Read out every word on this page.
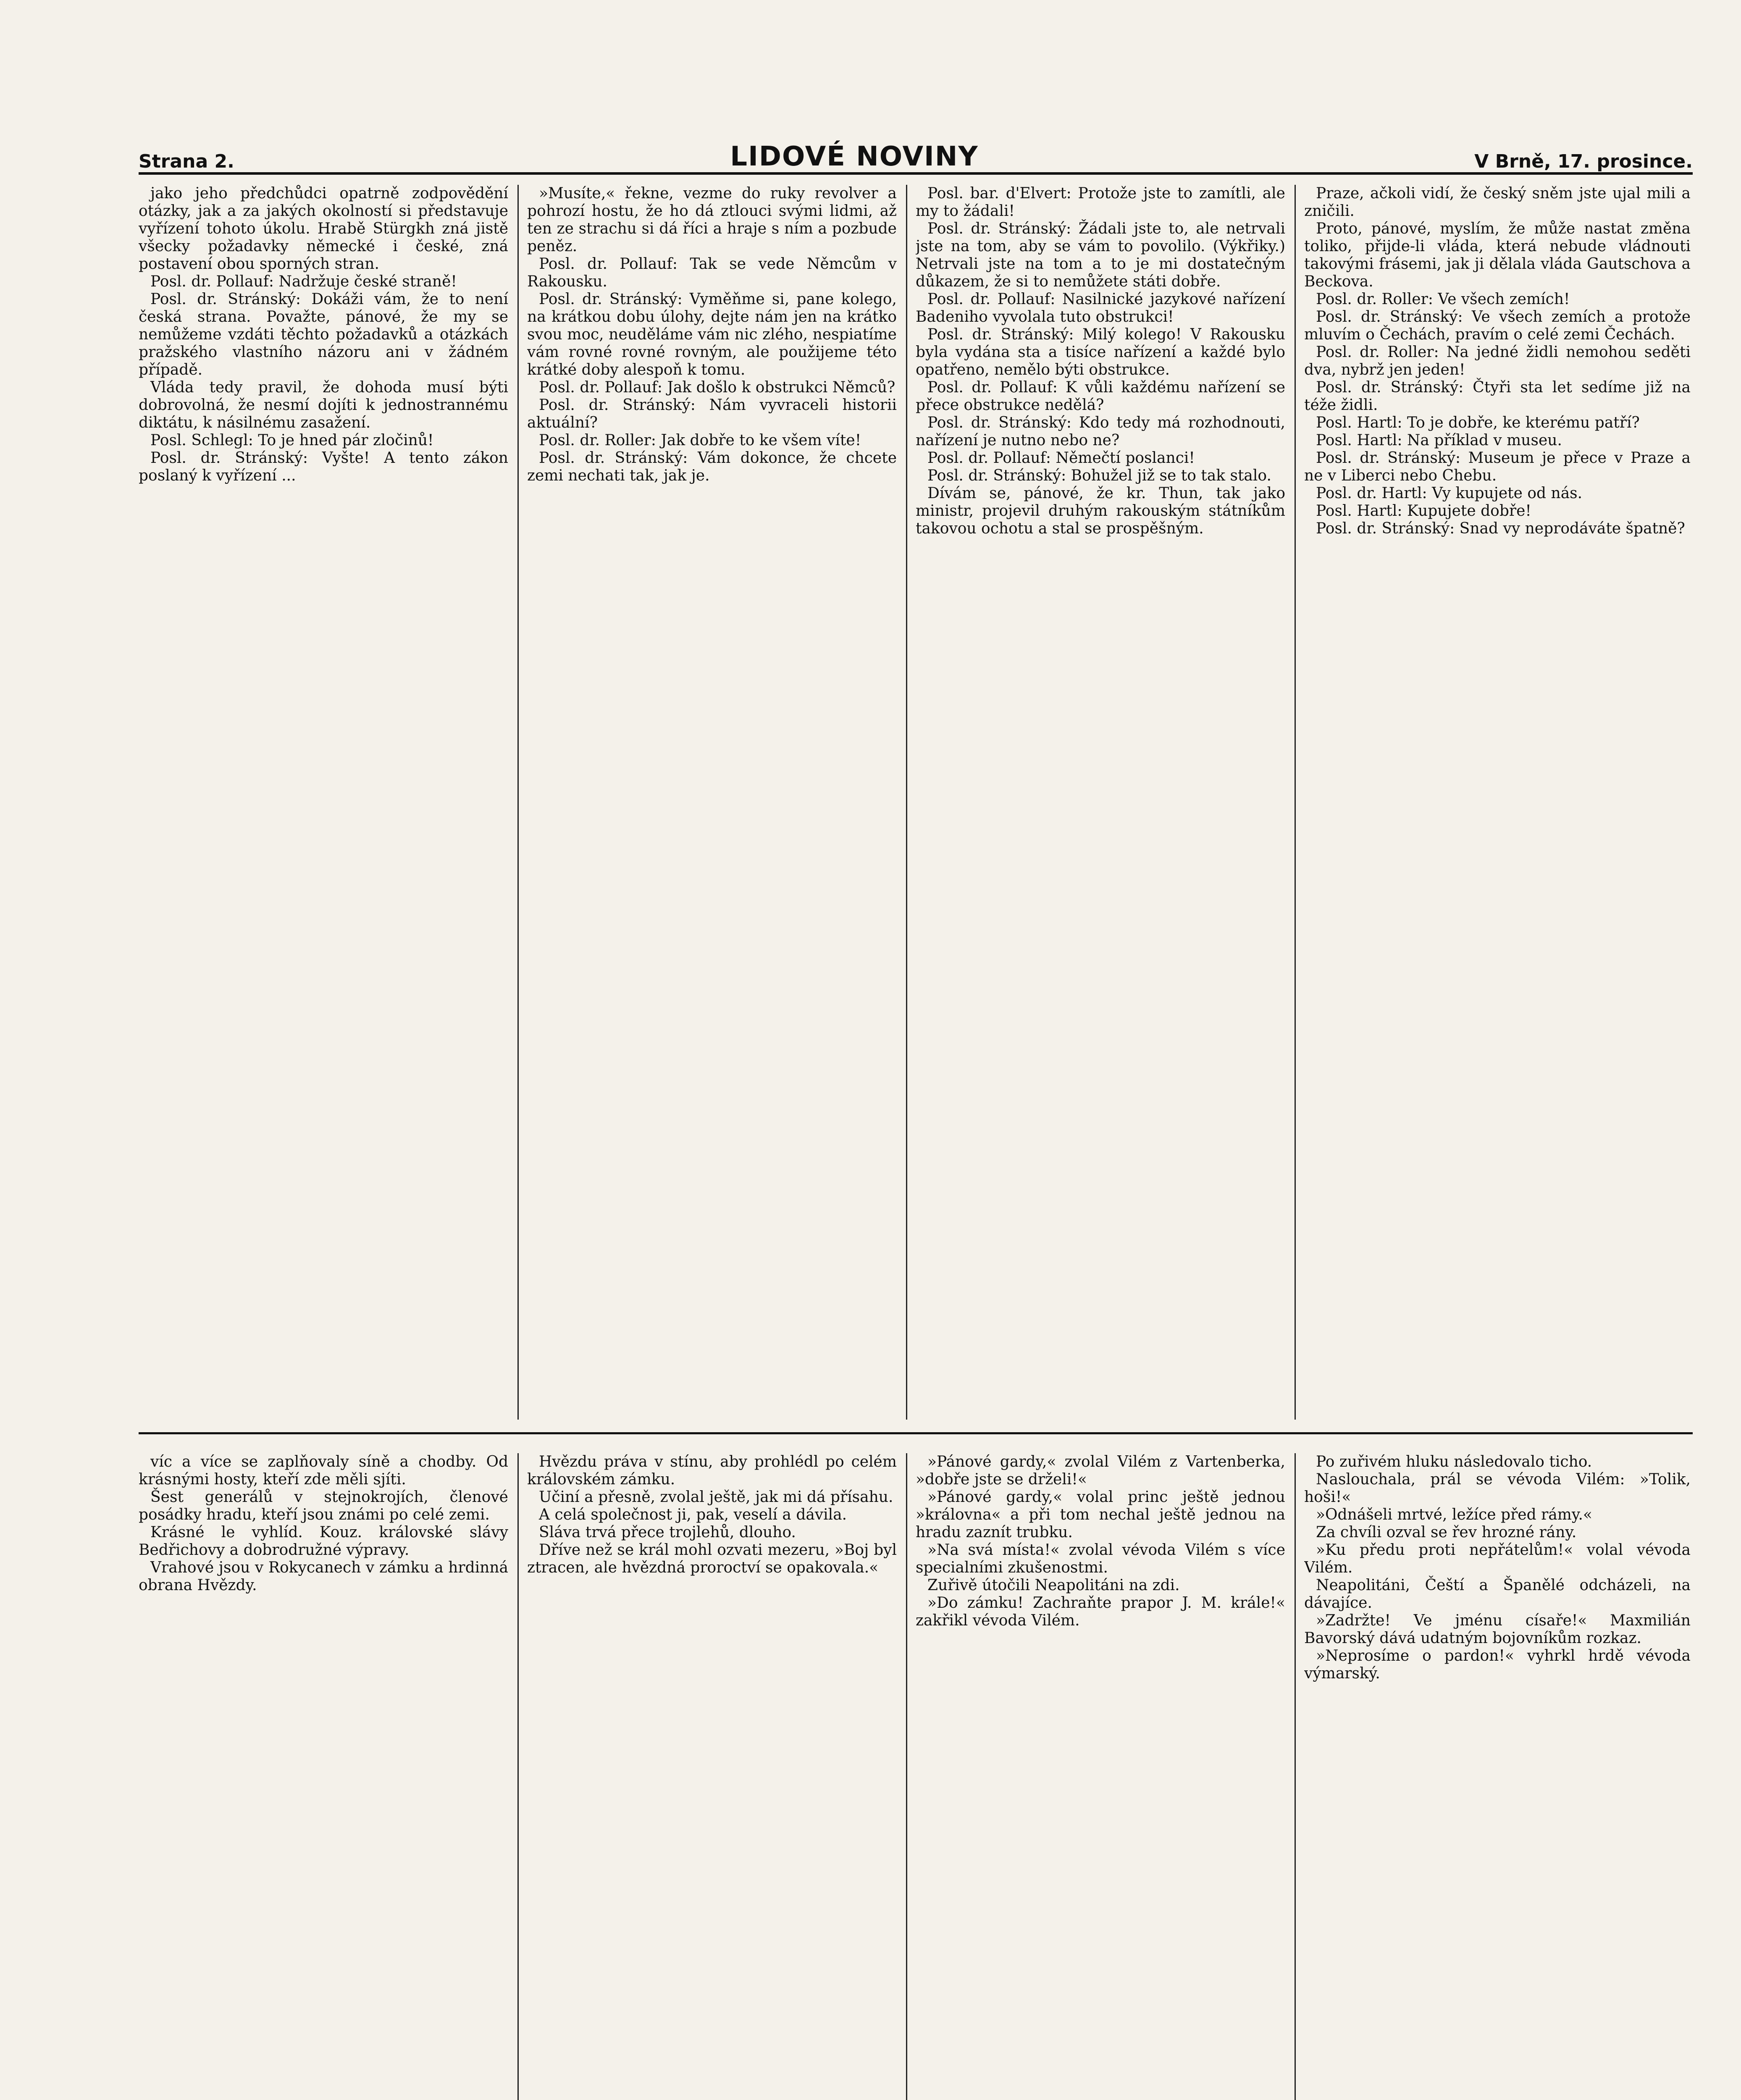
Strana 2.	LIDOVÉ NOVINY	V Brně, 17. prosince.

jako jeho předchůdci opatrně zodpovědění otázky, jak a za jakých okolností si představuje vyřízení tohoto úkolu. Hrabě Stürgkh zná jistě všecky požadavky německé i české, zná postavení obou sporných stran.

Posl. dr. Pollauf: Nadržuje české straně!

Posl. dr. Stránský: Dokáži vám, že to není česká strana. Považte, pánové, že my se nemůžeme vzdáti těchto požadavků a otázkách pražského vlastního názoru ani v žádném případě.

Vláda tedy pravil, že dohoda musí býti dobrovolná, že nesmí dojíti k jednostrannému diktátu, k násilnému zasažení.

Posl. Schlegl: To je hned pár zločinů!

Posl. dr. Stránský: Vyšte! A tento zákon poslaný k vyřízení ...

»Musíte,« řekne, vezme do ruky revolver a pohrozí hostu, že ho dá ztlouci svými lidmi, až ten ze strachu si dá říci a hraje s ním a pozbude peněz.

Posl. dr. Pollauf: Tak se vede Němcům v Rakousku.

Posl. dr. Stránský: Vyměňme si, pane kolego, na krátkou dobu úlohy, dejte nám jen na krátko svou moc, neuděláme vám nic zlého, nespiatíme vám rovné rovné rovným, ale použijeme této krátké doby alespoň k tomu.

Posl. dr. Pollauf: Jak došlo k obstrukci Němců?

Posl. dr. Stránský: Nám vyvraceli historii aktuální?

Posl. dr. Roller: Jak dobře to ke všem víte!

Posl. dr. Stránský: Vám dokonce, že chcete zemi nechati tak, jak je.

Posl. bar. d'Elvert: Protože jste to zamítli, ale my to žádali!

Posl. dr. Stránský: Žádali jste to, ale netrvali jste na tom, aby se vám to povolilo. (Výkřiky.) Netrvali jste na tom a to je mi dostatečným důkazem, že si to nemůžete státi dobře.

Posl. dr. Pollauf: Nasilnické jazykové nařízení Badeniho vyvolala tuto obstrukci!

Posl. dr. Stránský: Milý kolego! V Rakousku byla vydána sta a tisíce nařízení a každé bylo opatřeno, nemělo býti obstrukce.

Posl. dr. Pollauf: K vůli každému nařízení se přece obstrukce nedělá?

Posl. dr. Stránský: Kdo tedy má rozhodnouti, nařízení je nutno nebo ne?

Posl. dr. Pollauf: Němečtí poslanci!

Posl. dr. Stránský: Bohužel již se to tak stalo.

Dívám se, pánové, že kr. Thun, tak jako ministr, projevil druhým rakouským státníkům takovou ochotu a stal se prospěšným.

Praze, ačkoli vidí, že český sněm jste ujal mili a zničili.

Proto, pánové, myslím, že může nastat změna toliko, přijde-li vláda, která nebude vládnouti takovými frásemi, jak ji dělala vláda Gautschova a Beckova.

Posl. dr. Roller: Ve všech zemích!

Posl. dr. Stránský: Ve všech zemích a protože mluvím o Čechách, pravím o celé zemi Čechách.

Posl. dr. Roller: Na jedné židli nemohou seděti dva, nybrž jen jeden!

Posl. dr. Stránský: Čtyři sta let sedíme již na téže židli.

Posl. Hartl: To je dobře, ke kterému patří?

Posl. Hartl: Na příklad v museu.

Posl. dr. Stránský: Museum je přece v Praze a ne v Liberci nebo Chebu.

Posl. dr. Hartl: Vy kupujete od nás.

Posl. Hartl: Kupujete dobře!

Posl. dr. Stránský: Snad vy neprodáváte špatně?

víc a více se zaplňovaly síně a chodby. Od krásnými hosty, kteří zde měli sjíti.

Šest generálů v stejnokrojích, členové posádky hradu, kteří jsou známi po celé zemi.

Krásné le vyhlíd. Kouz. královské slávy Bedřichovy a dobrodružné výpravy.

Vrahové jsou v Rokycanech v zámku a hrdinná obrana Hvězdy.

Hvězdu práva v stínu, aby prohlédl po celém královském zámku.

Učiní a přesně, zvolal ještě, jak mi dá přísahu.

A celá společnost ji, pak, veselí a dávila.

Sláva trvá přece trojlehů, dlouho.

Dříve než se král mohl ozvati mezeru, »Boj byl ztracen, ale hvězdná proroctví se opakovala.«

»Pánové gardy,« zvolal Vilém z Vartenberka, »dobře jste se drželi!«

»Pánové gardy,« volal princ ještě jednou »královna« a při tom nechal ještě jednou na hradu zaznít trubku.

»Na svá místa!« zvolal vévoda Vilém s více specialními zkušenostmi.

Zuřivě útočili Neapolitáni na zdi.

»Do zámku! Zachraňte prapor J. M. krále!« zakřikl vévoda Vilém.

Po zuřivém hluku následovalo ticho.

Naslouchala, prál se vévoda Vilém: »Tolik, hoši!«

»Odnášeli mrtvé, ležíce před rámy.«

Za chvíli ozval se řev hrozné rány.

»Ku předu proti nepřátelům!« volal vévoda Vilém.

Neapolitáni, Čeští a Španělé odcházeli, na dávajíce.

»Zadržte! Ve jménu císaře!« Maxmilián Bavorský dává udatným bojovníkům rozkaz.

»Neprosíme o pardon!« vyhrkl hrdě vévoda výmarský.
